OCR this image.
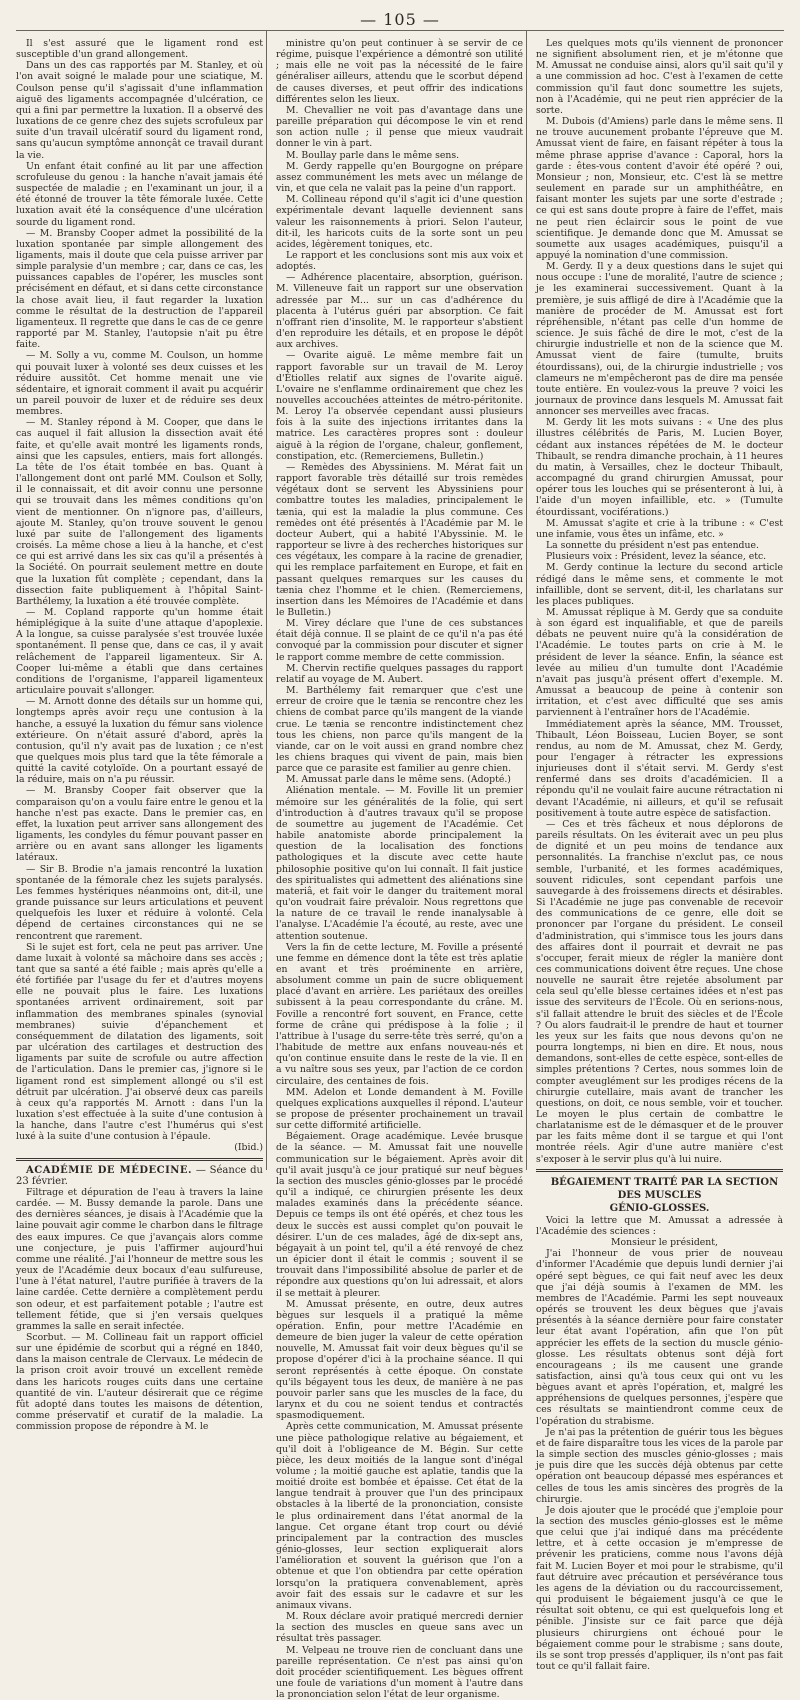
— 105 —

Il s'est assuré que le ligament rond est susceptible d'un grand allongement.

Dans un des cas rapportés par M. Stanley, et où l'on avait soigné le malade pour une sciatique, M. Coulson pense qu'il s'agissait d'une inflammation aiguë des ligaments accompagnée d'ulcération, ce qui a fini par permettre la luxation. Il a observé des luxations de ce genre chez des sujets scrofuleux par suite d'un travail ulcératif sourd du ligament rond, sans qu'aucun symptôme annonçât ce travail durant la vie.

Un enfant était confiné au lit par une affection scrofuleuse du genou : la hanche n'avait jamais été suspectée de maladie ; en l'examinant un jour, il a été étonné de trouver la tête fémorale luxée. Cette luxation avait été la conséquence d'une ulcération sourde du ligament rond.

— M. Bransby Cooper admet la possibilité de la luxation spontanée par simple allongement des ligaments, mais il doute que cela puisse arriver par simple paralysie d'un membre ; car, dans ce cas, les puissances capables de l'opérer, les muscles sont précisément en défaut, et si dans cette circonstance la chose avait lieu, il faut regarder la luxation comme le résultat de la destruction de l'appareil ligamenteux. Il regrette que dans le cas de ce genre rapporté par M. Stanley, l'autopsie n'ait pu être faite.

— M. Solly a vu, comme M. Coulson, un homme qui pouvait luxer à volonté ses deux cuisses et les réduire aussitôt. Cet homme menait une vie sédentaire, et ignorait comment il avait pu acquérir un pareil pouvoir de luxer et de réduire ses deux membres.

— M. Stanley répond à M. Cooper, que dans le cas auquel il fait allusion la dissection avait été faite, et qu'elle avait montré les ligaments ronds, ainsi que les capsules, entiers, mais fort allongés. La tête de l'os était tombée en bas. Quant à l'allongement dont ont parlé MM. Coulson et Solly, il le connaissait, et dit avoir connu une personne qui se trouvait dans les mêmes conditions qu'on vient de mentionner. On n'ignore pas, d'ailleurs, ajoute M. Stanley, qu'on trouve souvent le genou luxé par suite de l'allongement des ligaments croisés. La même chose a lieu à la hanche, et c'est ce qui est arrivé dans les six cas qu'il a présentés à la Société. On pourrait seulement mettre en doute que la luxation fût complète ; cependant, dans la dissection faite publiquement à l'hôpital Saint-Barthélemy, la luxation a été trouvée complète.

— M. Copland rapporte qu'un homme était hémiplégique à la suite d'une attaque d'apoplexie. A la longue, sa cuisse paralysée s'est trouvée luxée spontanément. Il pense que, dans ce cas, il y avait relâchement de l'appareil ligamenteux. Sir A. Cooper lui-même a établi que dans certaines conditions de l'organisme, l'appareil ligamenteux articulaire pouvait s'allonger.

— M. Arnott donne des détails sur un homme qui, longtemps après avoir reçu une contusion à la hanche, a essuyé la luxation du fémur sans violence extérieure. On n'était assuré d'abord, après la contusion, qu'il n'y avait pas de luxation ; ce n'est que quelques mois plus tard que la tête fémorale a quitté la cavité cotyloïde. On a pourtant essayé de la réduire, mais on n'a pu réussir.

— M. Bransby Cooper fait observer que la comparaison qu'on a voulu faire entre le genou et la hanche n'est pas exacte. Dans le premier cas, en effet, la luxation peut arriver sans allongement des ligaments, les condyles du fémur pouvant passer en arrière ou en avant sans allonger les ligaments latéraux.

— Sir B. Brodie n'a jamais rencontré la luxation spontanée de la fémorale chez les sujets paralysés. Les femmes hystériques néanmoins ont, dit-il, une grande puissance sur leurs articulations et peuvent quelquefois les luxer et réduire à volonté. Cela dépend de certaines circonstances qui ne se rencontrent que rarement.

Si le sujet est fort, cela ne peut pas arriver. Une dame luxait à volonté sa mâchoire dans ses accès ; tant que sa santé a été faible ; mais après qu'elle a été fortifiée par l'usage du fer et d'autres moyens elle ne pouvait plus le faire. Les luxations spontanées arrivent ordinairement, soit par inflammation des membranes spinales (synovial membranes) suivie d'épanchement et conséquemment de dilatation des ligaments, soit par ulcération des cartilages et destruction des ligaments par suite de scrofule ou autre affection de l'articulation. Dans le premier cas, j'ignore si le ligament rond est simplement allongé ou s'il est détruit par ulcération. J'ai observé deux cas pareils à ceux qu'a rapportés M. Arnott : dans l'un la luxation s'est effectuée à la suite d'une contusion à la hanche, dans l'autre c'est l'humérus qui s'est luxé à la suite d'une contusion à l'épaule.

(Ibid.)

ACADÉMIE DE MÉDECINE. — Séance du 23 février.

Filtrage et dépuration de l'eau à travers la laine cardée. — M. Bussy demande la parole. Dans une des dernières séances, je disais à l'Académie que la laine pouvait agir comme le charbon dans le filtrage des eaux impures. Ce que j'avançais alors comme une conjecture, je puis l'affirmer aujourd'hui comme une réalité. J'ai l'honneur de mettre sous les yeux de l'Académie deux bocaux d'eau sulfureuse, l'une à l'état naturel, l'autre purifiée à travers de la laine cardée. Cette dernière a complètement perdu son odeur, et est parfaitement potable ; l'autre est tellement fétide, que si j'en versais quelques grammes la salle en serait infectée.

Scorbut. — M. Collineau fait un rapport officiel sur une épidémie de scorbut qui a régné en 1840, dans la maison centrale de Clervaux. Le médecin de la prison croit avoir trouvé un excellent remède dans les haricots rouges cuits dans une certaine quantité de vin. L'auteur désirerait que ce régime fût adopté dans toutes les maisons de détention, comme préservatif et curatif de la maladie. La commission propose de répondre à M. le

ministre qu'on peut continuer à se servir de ce régime, puisque l'expérience a démontré son utilité ; mais elle ne voit pas la nécessité de le faire généraliser ailleurs, attendu que le scorbut dépend de causes diverses, et peut offrir des indications différentes selon les lieux.

M. Chevallier ne voit pas d'avantage dans une pareille préparation qui décompose le vin et rend son action nulle ; il pense que mieux vaudrait donner le vin à part.

M. Boullay parle dans le même sens.

M. Gerdy rappelle qu'en Bourgogne on prépare assez communément les mets avec un mélange de vin, et que cela ne valait pas la peine d'un rapport.

M. Collineau répond qu'il s'agit ici d'une question expérimentale devant laquelle deviennent sans valeur les raisonnements à priori. Selon l'auteur, dit-il, les haricots cuits de la sorte sont un peu acides, légèrement toniques, etc.

Le rapport et les conclusions sont mis aux voix et adoptés.

— Adhérence placentaire, absorption, guérison. M. Villeneuve fait un rapport sur une observation adressée par M... sur un cas d'adhérence du placenta à l'utérus guéri par absorption. Ce fait n'offrant rien d'insolite, M. le rapporteur s'abstient d'en reproduire les détails, et en propose le dépôt aux archives.

— Ovarite aiguë. Le même membre fait un rapport favorable sur un travail de M. Leroy d'Étiolles relatif aux signes de l'ovarite aiguë. L'ovaire ne s'enflamme ordinairement que chez les nouvelles accouchées atteintes de métro-péritonite. M. Leroy l'a observée cependant aussi plusieurs fois à la suite des injections irritantes dans la matrice. Les caractères propres sont : douleur aiguë à la région de l'organe, chaleur, gonflement, constipation, etc. (Remerciemens, Bulletin.)

— Remèdes des Abyssiniens. M. Mérat fait un rapport favorable très détaillé sur trois remèdes végétaux dont se servent les Abyssiniens pour combattre toutes les maladies, principalement le tænia, qui est la maladie la plus commune. Ces remèdes ont été présentés à l'Académie par M. le docteur Aubert, qui a habité l'Abyssinie. M. le rapporteur se livre à des recherches historiques sur ces végétaux, les compare à la racine de grenadier, qui les remplace parfaitement en Europe, et fait en passant quelques remarques sur les causes du tænia chez l'homme et le chien. (Remerciemens, insertion dans les Mémoires de l'Académie et dans le Bulletin.)

M. Virey déclare que l'une de ces substances était déjà connue. Il se plaint de ce qu'il n'a pas été convoqué par la commission pour discuter et signer le rapport comme membre de cette commission.

M. Chervin rectifie quelques passages du rapport relatif au voyage de M. Aubert.

M. Barthélemy fait remarquer que c'est une erreur de croire que le tænia se rencontre chez les chiens de combat parce qu'ils mangent de la viande crue. Le tænia se rencontre indistinctement chez tous les chiens, non parce qu'ils mangent de la viande, car on le voit aussi en grand nombre chez les chiens braques qui vivent de pain, mais bien parce que ce parasite est familier au genre chien.

M. Amussat parle dans le même sens. (Adopté.)

Aliénation mentale. — M. Foville lit un premier mémoire sur les généralités de la folie, qui sert d'introduction à d'autres travaux qu'il se propose de soumettre au jugement de l'Académie. Cet habile anatomiste aborde principalement la question de la localisation des fonctions pathologiques et la discute avec cette haute philosophie positive qu'on lui connaît. Il fait justice des spiritualistes qui admettent des aliénations sine materiâ, et fait voir le danger du traitement moral qu'on voudrait faire prévaloir. Nous regrettons que la nature de ce travail le rende inanalysable à l'analyse. L'Académie l'a écouté, au reste, avec une attention soutenue.

Vers la fin de cette lecture, M. Foville a présenté une femme en démence dont la tête est très aplatie en avant et très proéminente en arrière, absolument comme un pain de sucre obliquement placé d'avant en arrière. Les pariétaux des oreilles subissent à la peau correspondante du crâne. M. Foville a rencontré fort souvent, en France, cette forme de crâne qui prédispose à la folie ; il l'attribue à l'usage du serre-tête très serré, qu'on a l'habitude de mettre aux enfans nouveau-nés et qu'on continue ensuite dans le reste de la vie. Il en a vu naître sous ses yeux, par l'action de ce cordon circulaire, des centaines de fois.

MM. Adelon et Londe demandent à M. Foville quelques explications auxquelles il répond. L'auteur se propose de présenter prochainement un travail sur cette difformité artificielle.

Bégaiement. Orage académique. Levée brusque de la séance. — M. Amussat fait une nouvelle communication sur le bégaiement. Après avoir dit qu'il avait jusqu'à ce jour pratiqué sur neuf bègues la section des muscles génio-glosses par le procédé qu'il a indiqué, ce chirurgien présente les deux malades examinés dans la précédente séance. Depuis ce temps ils ont été opérés, et chez tous les deux le succès est aussi complet qu'on pouvait le désirer. L'un de ces malades, âgé de dix-sept ans, bégayait à un point tel, qu'il a été renvoyé de chez un épicier dont il était le commis ; souvent il se trouvait dans l'impossibilité absolue de parler et de répondre aux questions qu'on lui adressait, et alors il se mettait à pleurer.

M. Amussat présente, en outre, deux autres bègues sur lesquels il a pratiqué la même opération. Enfin, pour mettre l'Académie en demeure de bien juger la valeur de cette opération nouvelle, M. Amussat fait voir deux bègues qu'il se propose d'opérer d'ici à la prochaine séance. Il qui seront représentés à cette époque. On constate qu'ils bégayent tous les deux, de manière à ne pas pouvoir parler sans que les muscles de la face, du larynx et du cou ne soient tendus et contractés spasmodiquement.

Après cette communication, M. Amussat présente une pièce pathologique relative au bégaiement, et qu'il doit à l'obligeance de M. Bégin. Sur cette pièce, les deux moitiés de la langue sont d'inégal volume ; la moitié gauche est aplatie, tandis que la moitié droite est bombée et épaisse. Cet état de la langue tendrait à prouver que l'un des principaux obstacles à la liberté de la prononciation, consiste le plus ordinairement dans l'état anormal de la langue. Cet organe étant trop court ou dévié principalement par la contraction des muscles génio-glosses, leur section expliquerait alors l'amélioration et souvent la guérison que l'on a obtenue et que l'on obtiendra par cette opération lorsqu'on la pratiquera convenablement, après avoir fait des essais sur le cadavre et sur les animaux vivans.

M. Roux déclare avoir pratiqué mercredi dernier la section des muscles en queue sans avec un résultat très passager.

M. Velpeau ne trouve rien de concluant dans une pareille représentation. Ce n'est pas ainsi qu'on doit procéder scientifiquement. Les bègues offrent une foule de variations d'un moment à l'autre dans la prononciation selon l'état de leur organisme.

Les quelques mots qu'ils viennent de prononcer ne signifient absolument rien, et je m'étonne que M. Amussat ne conduise ainsi, alors qu'il sait qu'il y a une commission ad hoc. C'est à l'examen de cette commission qu'il faut donc soumettre les sujets, non à l'Académie, qui ne peut rien apprécier de la sorte.

M. Dubois (d'Amiens) parle dans le même sens. Il ne trouve aucunement probante l'épreuve que M. Amussat vient de faire, en faisant répéter à tous la même phrase apprise d'avance : Caporal, hors la garde : êtes-vous content d'avoir été opéré ? oui, Monsieur ; non, Monsieur, etc. C'est là se mettre seulement en parade sur un amphithéâtre, en faisant monter les sujets par une sorte d'estrade ; ce qui est sans doute propre à faire de l'effet, mais ne peut rien éclaircir sous le point de vue scientifique. Je demande donc que M. Amussat se soumette aux usages académiques, puisqu'il a appuyé la nomination d'une commission.

M. Gerdy. Il y a deux questions dans le sujet qui nous occupe : l'une de moralité, l'autre de science ; je les examinerai successivement. Quant à la première, je suis affligé de dire à l'Académie que la manière de procéder de M. Amussat est fort répréhensible, n'étant pas celle d'un homme de science. Je suis fâché de dire le mot, c'est de la chirurgie industrielle et non de la science que M. Amussat vient de faire (tumulte, bruits étourdissans), oui, de la chirurgie industrielle ; vos clameurs ne m'empêcheront pas de dire ma pensée toute entière. En voulez-vous la preuve ? voici les journaux de province dans lesquels M. Amussat fait annoncer ses merveilles avec fracas.

M. Gerdy lit les mots suivans : « Une des plus illustres célébrités de Paris, M. Lucien Boyer, cédant aux instances répétées de M. le docteur Thibault, se rendra dimanche prochain, à 11 heures du matin, à Versailles, chez le docteur Thibault, accompagné du grand chirurgien Amussat, pour opérer tous les louches qui se présenteront à lui, à l'aide d'un moyen infaillible, etc. » (Tumulte étourdissant, vociférations.)

M. Amussat s'agite et crie à la tribune : « C'est une infamie, vous êtes un infâme, etc. »

La sonnette du président n'est pas entendue.

Plusieurs voix : Président, levez la séance, etc.

M. Gerdy continue la lecture du second article rédigé dans le même sens, et commente le mot infaillible, dont se servent, dit-il, les charlatans sur les places publiques.

M. Amussat réplique à M. Gerdy que sa conduite à son égard est inqualifiable, et que de pareils débats ne peuvent nuire qu'à la considération de l'Académie. Le toutes parts on crie à M. le président de lever la séance. Enfin, la séance est levée au milieu d'un tumulte dont l'Académie n'avait pas jusqu'à présent offert d'exemple. M. Amussat a beaucoup de peine à contenir son irritation, et c'est avec difficulté que ses amis parviennent à l'entraîner hors de l'Académie.

Immédiatement après la séance, MM. Trousset, Thibault, Léon Boisseau, Lucien Boyer, se sont rendus, au nom de M. Amussat, chez M. Gerdy, pour l'engager à rétracter les expressions injurieuses dont il s'était servi. M. Gerdy s'est renfermé dans ses droits d'académicien. Il a répondu qu'il ne voulait faire aucune rétractation ni devant l'Académie, ni ailleurs, et qu'il se refusait positivement à toute autre espèce de satisfaction.

— Ces et très fâcheux et nous déplorons de pareils résultats. On les éviterait avec un peu plus de dignité et un peu moins de tendance aux personnalités. La franchise n'exclut pas, ce nous semble, l'urbanité, et les formes académiques, souvent ridicules, sont cependant parfois une sauvegarde à des froissemens directs et désirables. Si l'Académie ne juge pas convenable de recevoir des communications de ce genre, elle doit se prononcer par l'organe du président. Le conseil d'administration, qui s'immisce tous les jours dans des affaires dont il pourrait et devrait ne pas s'occuper, ferait mieux de régler la manière dont ces communications doivent être reçues. Une chose nouvelle ne saurait être rejetée absolument par cela seul qu'elle blesse certaines idées et n'est pas issue des serviteurs de l'École. Où en serions-nous, s'il fallait attendre le bruit des siècles et de l'École ? Ou alors faudrait-il le prendre de haut et tourner les yeux sur les faits que nous devons qu'on ne pourra longtemps, ni bien en dire. Et nous, nous demandons, sont-elles de cette espèce, sont-elles de simples prétentions ? Certes, nous sommes loin de compter aveuglément sur les prodiges récens de la chirurgie cutellaire, mais avant de trancher les questions, on doit, ce nous semble, voir et toucher. Le moyen le plus certain de combattre le charlatanisme est de le démasquer et de le prouver par les faits même dont il se targue et qui l'ont montrée réels. Agir d'une autre manière c'est s'exposer à le servir plus qu'à lui nuire.

BÉGAIEMENT TRAITÉ PAR LA SECTION DES MUSCLES
GÉNIO-GLOSSES.

Voici la lettre que M. Amussat a adressée à l'Académie des sciences :

Monsieur le président,

J'ai l'honneur de vous prier de nouveau d'informer l'Académie que depuis lundi dernier j'ai opéré sept bègues, ce qui fait neuf avec les deux que j'ai déjà soumis à l'examen de MM. les membres de l'Académie. Parmi les sept nouveaux opérés se trouvent les deux bègues que j'avais présentés à la séance dernière pour faire constater leur état avant l'opération, afin que l'on pût apprécier les effets de la section du muscle génio-glosse. Les résultats obtenus sont déjà fort encourageans ; ils me causent une grande satisfaction, ainsi qu'à tous ceux qui ont vu les bègues avant et après l'opération, et, malgré les appréhensions de quelques personnes, j'espère que ces résultats se maintiendront comme ceux de l'opération du strabisme.

Je n'ai pas la prétention de guérir tous les bègues et de faire disparaître tous les vices de la parole par la simple section des muscles génio-glosses ; mais je puis dire que les succès déjà obtenus par cette opération ont beaucoup dépassé mes espérances et celles de tous les amis sincères des progrès de la chirurgie.

Je dois ajouter que le procédé que j'emploie pour la section des muscles génio-glosses est le même que celui que j'ai indiqué dans ma précédente lettre, et à cette occasion je m'empresse de prévenir les praticiens, comme nous l'avons déjà fait M. Lucien Boyer et moi pour le strabisme, qu'il faut détruire avec précaution et persévérance tous les agens de la déviation ou du raccourcissement, qui produisent le bégaiement jusqu'à ce que le résultat soit obtenu, ce qui est quelquefois long et pénible. J'insiste sur ce fait parce que déjà plusieurs chirurgiens ont échoué pour le bégaiement comme pour le strabisme ; sans doute, ils se sont trop pressés d'appliquer, ils n'ont pas fait tout ce qu'il fallait faire.
